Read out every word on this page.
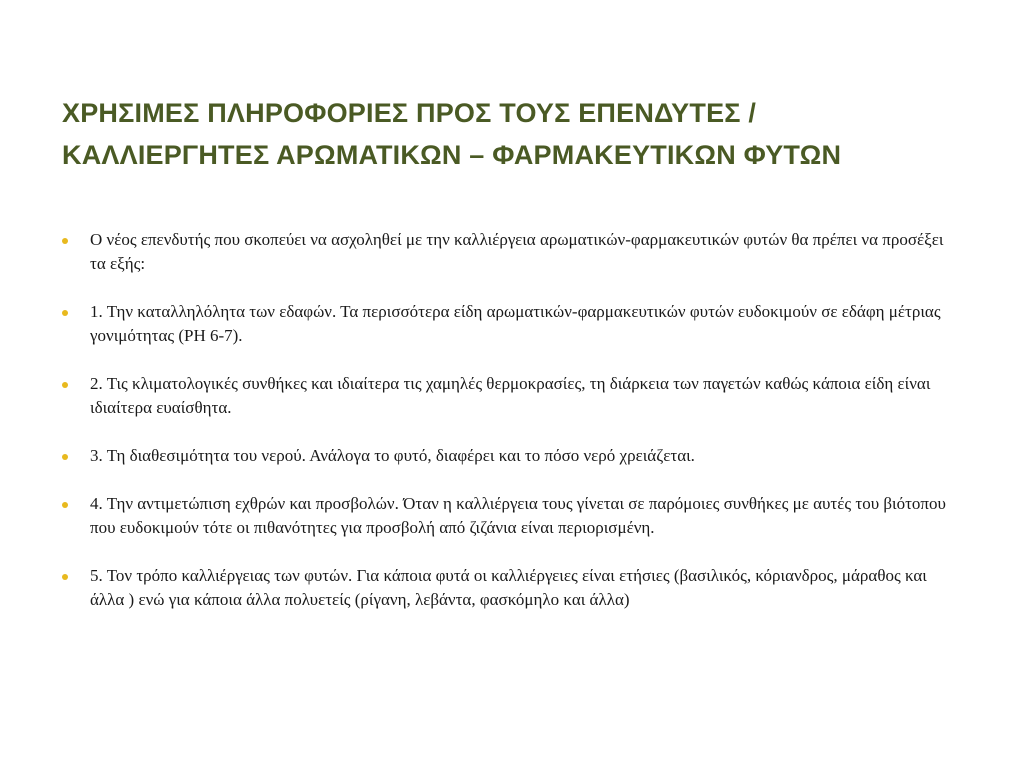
ΧΡΗΣΙΜΕΣ ΠΛΗΡΟΦΟΡΙΕΣ ΠΡΟΣ ΤΟΥΣ ΕΠΕΝΔΥΤΕΣ /
ΚΑΛΛΙΕΡΓΗΤΕΣ ΑΡΩΜΑΤΙΚΩΝ – ΦΑΡΜΑΚΕΥΤΙΚΩΝ ΦΥΤΩΝ
Ο νέος επενδυτής που σκοπεύει να ασχοληθεί με την καλλιέργεια αρωματικών-φαρμακευτικών φυτών θα πρέπει να προσέξει τα εξής:
1. Την καταλληλόλητα των εδαφών. Τα περισσότερα είδη αρωματικών-φαρμακευτικών φυτών ευδοκιμούν σε εδάφη μέτριας γονιμότητας (PH 6-7).
2. Τις κλιματολογικές συνθήκες και ιδιαίτερα τις χαμηλές θερμοκρασίες, τη διάρκεια των παγετών καθώς κάποια είδη είναι ιδιαίτερα ευαίσθητα.
3. Τη διαθεσιμότητα του νερού. Ανάλογα το φυτό, διαφέρει και το πόσο νερό χρειάζεται.
4. Την αντιμετώπιση εχθρών και προσβολών. Όταν η καλλιέργεια τους γίνεται σε παρόμοιες συνθήκες με αυτές του βιότοπου που ευδοκιμούν τότε οι πιθανότητες για προσβολή από ζιζάνια είναι περιορισμένη.
5. Τον τρόπο καλλιέργειας των φυτών. Για κάποια φυτά οι καλλιέργειες είναι ετήσιες (βασιλικός, κόριανδρος, μάραθος και άλλα ) ενώ για κάποια άλλα πολυετείς (ρίγανη, λεβάντα, φασκόμηλο και άλλα)
